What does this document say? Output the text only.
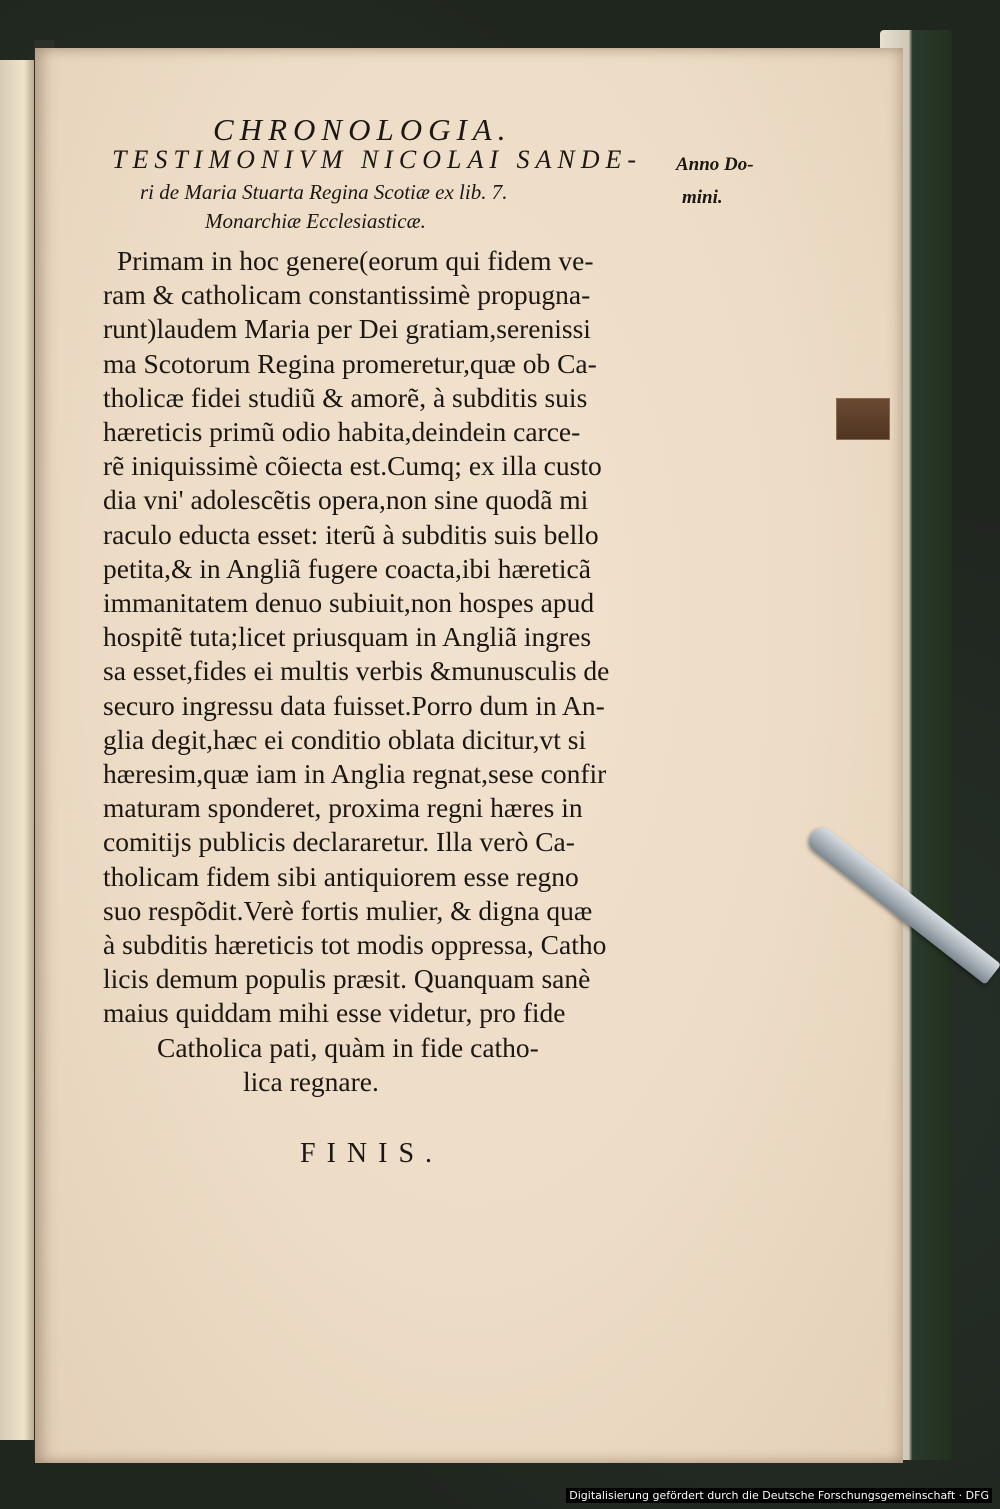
CHRONOLOGIA.
TESTIMONIVM NICOLAI SANDE-
ri de Maria Stuarta Regina Scotiæ ex lib. 7.
Monarchiæ Ecclesiasticæ.
Anno Do-
mini.
Primam in hoc genere(eorum qui fidem ve-
ram & catholicam constantissimè propugna-
runt)laudem Maria per Dei gratiam,serenissi
ma Scotorum Regina promeretur,quæ ob Ca-
tholicæ fidei studiũ & amorẽ, à subditis suis
hæreticis primũ odio habita,deindein carce-
rẽ iniquissimè cõiecta est.Cumq; ex illa custo
dia vni' adolescẽtis opera,non sine quodã mi
raculo educta esset: iterũ à subditis suis bello
petita,& in Angliã fugere coacta,ibi hæreticã
immanitatem denuo subiuit,non hospes apud
hospitẽ tuta;licet priusquam in Angliã ingres
sa esset,fides ei multis verbis &munusculis de
securo ingressu data fuisset.Porro dum in An-
glia degit,hæc ei conditio oblata dicitur,vt si
hæresim,quæ iam in Anglia regnat,sese confir
maturam sponderet, proxima regni hæres in
comitijs publicis declararetur. Illa verò Ca-
tholicam fidem sibi antiquiorem esse regno
suo respõdit.Verè fortis mulier, & digna quæ
à subditis hæreticis tot modis oppressa, Catho
licis demum populis præsit. Quanquam sanè
maius quiddam mihi esse videtur, pro fide
Catholica pati, quàm in fide catho-
lica regnare.
FINIS.
Digitalisierung gefördert durch die Deutsche Forschungsgemeinschaft · DFG
